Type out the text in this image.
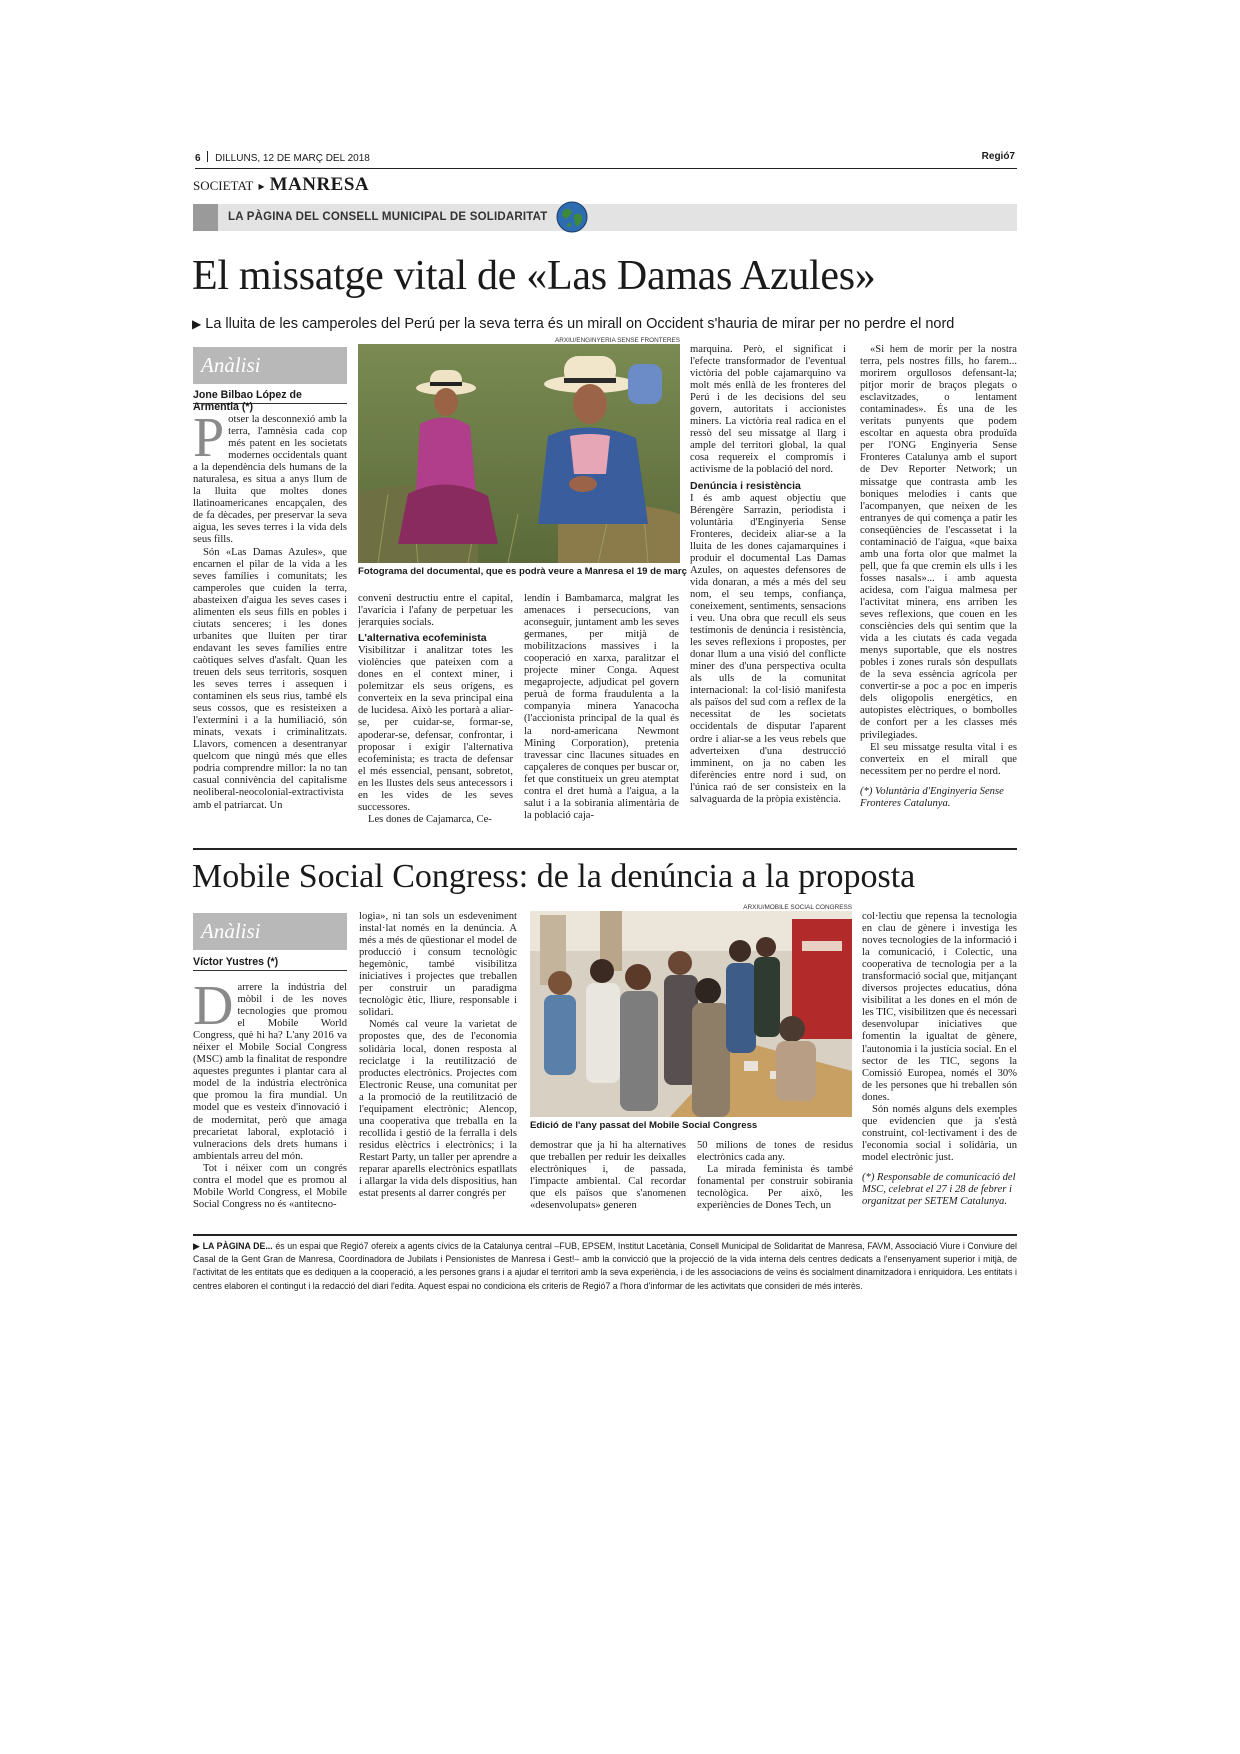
6 DILLUNS, 12 DE MARÇ DEL 2018	Regió7
SOCIETAT ▸ MANRESA
LA PÀGINA DEL CONSELL MUNICIPAL DE SOLIDARITAT
El missatge vital de «Las Damas Azules»
▶ La lluita de les camperoles del Perú per la seva terra és un mirall on Occident s'hauria de mirar per no perdre el nord
Anàlisi
Jone Bilbao López de Armentia (*)
ARXIU/ENGINYERIA SENSE FRONTERES
Fotograma del documental, que es podrà veure a Manresa el 19 de març
P otser la desconnexió amb la terra, l'amnèsia cada cop més patent en les societats modernes occidentals quant a la dependència dels humans de la naturalesa, es situa a anys llum de la lluita que moltes dones llatinoamericanes encapçalen, des de fa dècades, per preservar la seva aigua, les seves terres i la vida dels seus fills.

Són «Las Damas Azules», que encarnen el pilar de la vida a les seves famílies i comunitats; les camperoles que cuiden la terra, abasteixen d'aigua les seves cases i alimenten els seus fills en pobles i ciutats senceres; i les dones urbanites que lluiten per tirar endavant les seves famílies entre caòtiques selves d'asfalt. Quan les treuen dels seus territoris, sosquen les seves terres i assequen i contaminen els seus rius, també els seus cossos, que es resisteixen a l'extermini i a la humiliació, són minats, vexats i criminalitzats. Llavors, comencen a desentranyar quelcom que ningú més que elles podria comprendre millor: la no tan casual connivència del capitalisme neoliberal-neocolonial-extractivista amb el patriarcat. Un

conveni destructiu entre el capital, l'avarícia i l'afany de perpetuar les jerarquies socials.

L'alternativa ecofeminista

Visibilitzar i analitzar totes les violències que pateixen com a dones en el context miner, i polemitzar els seus orígens, es converteix en la seva principal eina de lucidesa. Això les portarà a aliar-se, per cuidar-se, formar-se, apoderar-se, defensar, confrontar, i proposar i exigir l'alternativa ecofeminista; es tracta de defensar el més essencial, pensant, sobretot, en les llustes dels seus antecessors i en les vides de les seves successores.

Les dones de Cajamarca, Ce-

lendín i Bambamarca, malgrat les amenaces i persecucions, van aconseguir, juntament amb les seves germanes, per mitjà de mobilitzacions massives i la cooperació en xarxa, paralitzar el projecte miner Conga. Aquest megaprojecte, adjudicat pel govern peruà de forma fraudulenta a la companyia minera Yanacocha (l'accionista principal de la qual és la nord-americana Newmont Mining Corporation), pretenia travessar cinc llacunes situades en capçaleres de conques per buscar or, fet que constitueix un greu atemptat contra el dret humà a l'aigua, a la salut i a la sobirania alimentària de la població caja-

marquina. Però, el significat i l'efecte transformador de l'eventual victòria del poble cajamarquino va molt més enllà de les fronteres del Perú i de les decisions del seu govern, autoritats i accionistes miners. La victòria real radica en el ressò del seu missatge al llarg i ample del territori global, la qual cosa requereix el compromís i activisme de la població del nord.

Denúncia i resistència

I és amb aquest objectiu que Bérengère Sarrazin, periodista i voluntària d'Enginyeria Sense Fronteres, decideix aliar-se a la lluita de les dones cajamarquines i produir el documental Las Damas Azules, on aquestes defensores de vida donaran, a més a més del seu nom, el seu temps, confiança, coneixement, sentiments, sensacions i veu. Una obra que recull els seus testimonis de denúncia i resistència, les seves reflexions i propostes, per donar llum a una visió del conflicte miner des d'una perspectiva oculta als ulls de la comunitat internacional: la col·lisió manifesta als països del sud com a reflex de la necessitat de les societats occidentals de disputar l'aparent ordre i aliar-se a les veus rebels que adverteixen d'una destrucció imminent, on ja no caben les diferències entre nord i sud, on l'única raó de ser consisteix en la salvaguarda de la pròpia existència.

«Si hem de morir per la nostra terra, pels nostres fills, ho farem... morirem orgullosos defensant-la; pitjor morir de braços plegats o esclavitzades, o lentament contaminades». És una de les veritats punyents que podem escoltar en aquesta obra produïda per l'ONG Enginyeria Sense Fronteres Catalunya amb el suport de Dev Reporter Network; un missatge que contrasta amb les boniques melodies i cants que l'acompanyen, que neixen de les entranyes de qui comença a patir les conseqüències de l'escassetat i la contaminació de l'aigua, «que baixa amb una forta olor que malmet la pell, que fa que cremin els ulls i les fosses nasals»... i amb aquesta acidesa, com l'aigua malmesa per l'activitat minera, ens arriben les seves reflexions, que couen en les consciències dels qui sentim que la vida a les ciutats és cada vegada menys suportable, que els nostres pobles i zones rurals són despullats de la seva essència agrícola per convertir-se a poc a poc en imperis dels oligopolis energètics, en autopistes elèctriques, o bombolles de confort per a les classes més privilegiades.

El seu missatge resulta vital i es converteix en el mirall que necessitem per no perdre el nord.

(*) Voluntària d'Enginyeria Sense Fronteres Catalunya.

Mobile Social Congress: de la denúncia a la proposta
Anàlisi
Víctor Yustres (*)
ARXIU/MOBILE SOCIAL CONGRESS
Edició de l'any passat del Mobile Social Congress
D arrere la indústria del mòbil i de les noves tecnologies que promou el Mobile World Congress, què hi ha? L'any 2016 va néixer el Mobile Social Congress (MSC) amb la finalitat de respondre aquestes preguntes i plantar cara al model de la indústria electrònica que promou la fira mundial. Un model que es vesteix d'innovació i de modernitat, però que amaga precarietat laboral, explotació i vulneracions dels drets humans i ambientals arreu del món.

Tot i néixer com un congrés contra el model que es promou al Mobile World Congress, el Mobile Social Congress no és «antitecno-

logia», ni tan sols un esdeveniment instal·lat només en la denúncia. A més a més de qüestionar el model de producció i consum tecnològic hegemònic, també visibilitza iniciatives i projectes que treballen per construir un paradigma tecnològic ètic, lliure, responsable i solidari.

Només cal veure la varietat de propostes que, des de l'economia solidària local, donen resposta al reciclatge i la reutilització de productes electrònics. Projectes com Electronic Reuse, una comunitat per a la promoció de la reutilització de l'equipament electrònic; Alencop, una cooperativa que treballa en la recollida i gestió de la ferralla i dels residus elèctrics i electrònics; i la Restart Party, un taller per aprendre a reparar aparells electrònics espatllats i allargar la vida dels dispositius, han estat presents al darrer congrés per

demostrar que ja hi ha alternatives que treballen per reduir les deixalles electròniques i, de passada, l'impacte ambiental. Cal recordar que els països que s'anomenen «desenvolupats» generen

50 milions de tones de residus electrònics cada any.

La mirada feminista és també fonamental per construir sobirania tecnològica. Per això, les experiències de Dones Tech, un

col·lectiu que repensa la tecnologia en clau de gènere i investiga les noves tecnologies de la informació i la comunicació, i Colectic, una cooperativa de tecnologia per a la transformació social que, mitjançant diversos projectes educatius, dóna visibilitat a les dones en el món de les TIC, visibilitzen que és necessari desenvolupar iniciatives que fomentin la igualtat de gènere, l'autonomia i la justícia social. En el sector de les TIC, segons la Comissió Europea, només el 30% de les persones que hi treballen són dones.

Són només alguns dels exemples que evidencien que ja s'està construint, col·lectivament i des de l'economia social i solidària, un model electrònic just.

(*) Responsable de comunicació del MSC, celebrat el 27 i 28 de febrer i organitzat per SETEM Catalunya.

▶ LA PÀGINA DE... és un espai que Regió7 ofereix a agents cívics de la Catalunya central –FUB, EPSEM, Institut Lacetània, Consell Municipal de Solidaritat de Manresa, FAVM, Associació Viure i Conviure del Casal de la Gent Gran de Manresa, Coordinadora de Jubilats i Pensionistes de Manresa i Gest!– amb la convicció que la projecció de la vida interna dels centres dedicats a l'ensenyament superior i mitjà, de l'activitat de les entitats que es dediquen a la cooperació, a les persones grans i a ajudar el territori amb la seva experiència, i de les associacions de veïns és socialment dinamitzadora i enriquidora. Les entitats i centres elaboren el contingut i la redacció del diari l'edita. Aquest espai no condiciona els criteris de Regió7 a l'hora d'informar de les activitats que consideri de més interès.
